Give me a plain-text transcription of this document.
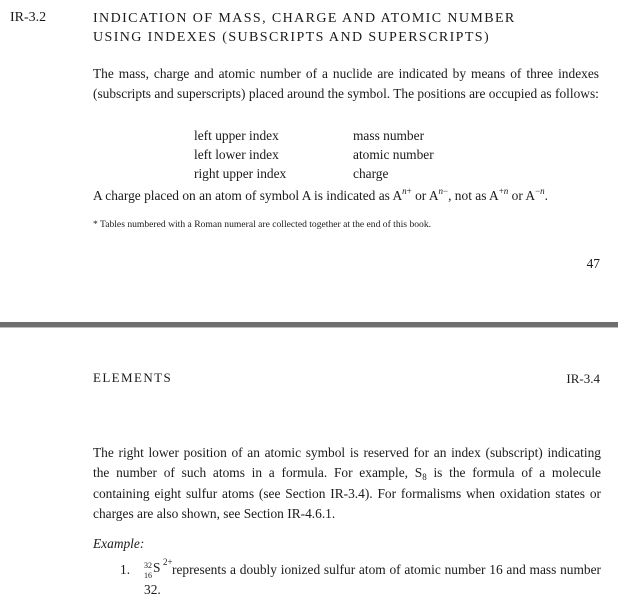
IR-3.2	INDICATION OF MASS, CHARGE AND ATOMIC NUMBER
USING INDEXES (SUBSCRIPTS AND SUPERSCRIPTS)
The mass, charge and atomic number of a nuclide are indicated by means of three indexes (subscripts and superscripts) placed around the symbol. The positions are occupied as follows:
left upper index	mass number
left lower index	atomic number
right upper index	charge
A charge placed on an atom of symbol A is indicated as $A^{n+}$ or $A^{n-}$, not as $A^{+n}$ or $A^{-n}$.
* Tables numbered with a Roman numeral are collected together at the end of this book.
47
ELEMENTS	IR-3.4
The right lower position of an atomic symbol is reserved for an index (subscript) indicating the number of such atoms in a formula. For example, $S_8$ is the formula of a molecule containing eight sulfur atoms (see Section IR-3.4). For formalisms when oxidation states or charges are also shown, see Section IR-4.6.1.
Example:
1. 32
16
S 2+ represents a doubly ionized sulfur atom of atomic number 16 and mass number 32.
